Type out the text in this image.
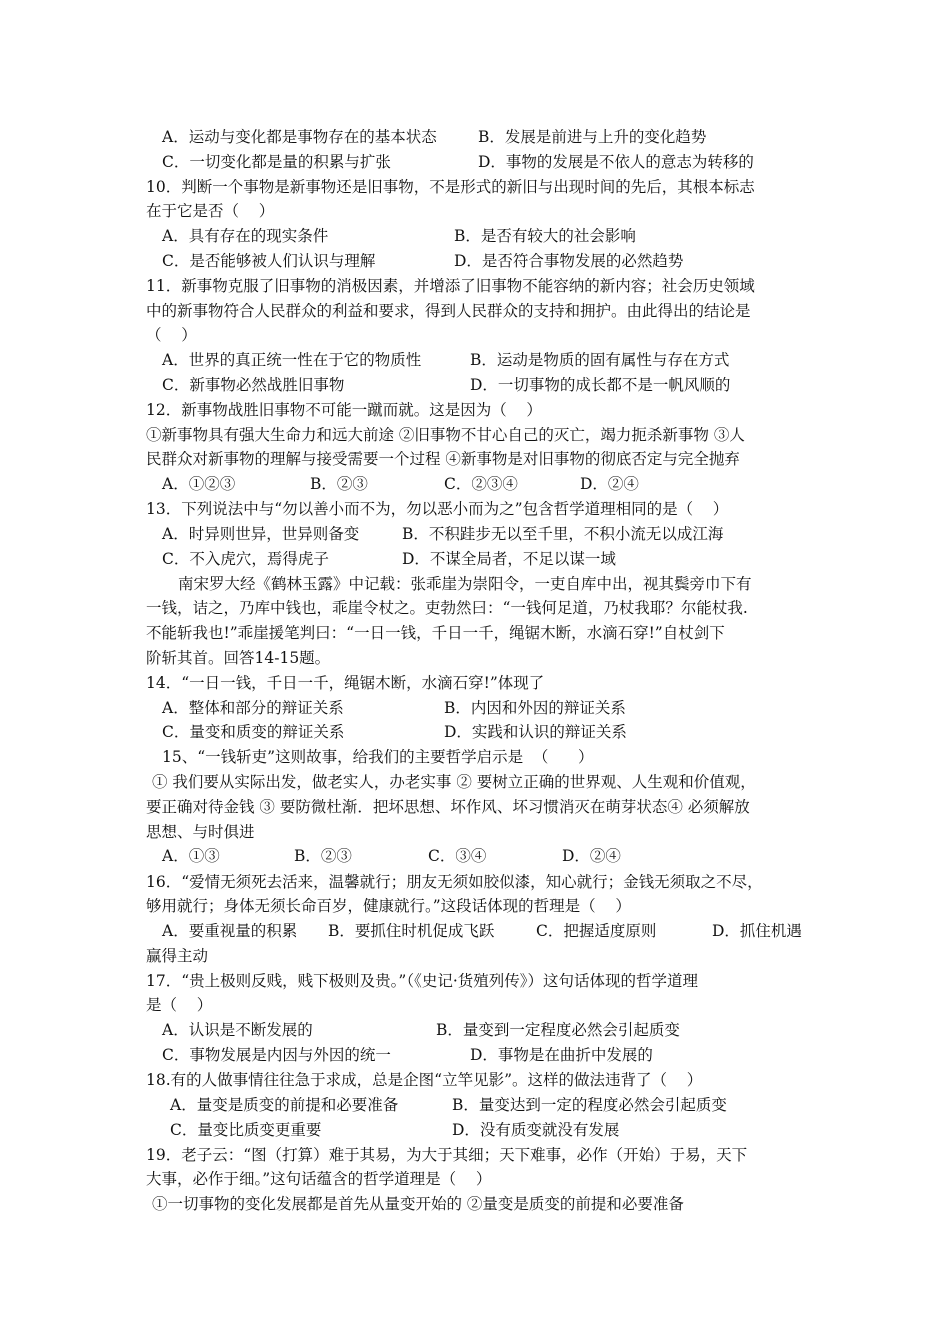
A．运动与变化都是事物存在的基本状态	B．发展是前进与上升的变化趋势
C．一切变化都是量的积累与扩张	D．事物的发展是不依人的意志为转移的
10．判断一个事物是新事物还是旧事物，不是形式的新旧与出现时间的先后，其根本标志
在于它是否（    ）
A．具有存在的现实条件	B．是否有较大的社会影响
C．是否能够被人们认识与理解	D．是否符合事物发展的必然趋势
11．新事物克服了旧事物的消极因素，并增添了旧事物不能容纳的新内容；社会历史领域
中的新事物符合人民群众的利益和要求，得到人民群众的支持和拥护。由此得出的结论是
（    ）
A．世界的真正统一性在于它的物质性	B．运动是物质的固有属性与存在方式
C．新事物必然战胜旧事物	D．一切事物的成长都不是一帆风顺的
12．新事物战胜旧事物不可能一蹴而就。这是因为（    ）
①新事物具有强大生命力和远大前途 ②旧事物不甘心自己的灭亡，竭力扼杀新事物 ③人
民群众对新事物的理解与接受需要一个过程 ④新事物是对旧事物的彻底否定与完全抛弃
A．①②③	B．②③	C．②③④	D．②④
13．下列说法中与“勿以善小而不为，勿以恶小而为之”包含哲学道理相同的是（    ）
A．时异则世异，世异则备变	B．不积跬步无以至千里，不积小流无以成江海
C．不入虎穴，焉得虎子	D．不谋全局者，不足以谋一域
南宋罗大经《鹤林玉露》中记载：张乖崖为崇阳令，一吏自库中出，视其鬓旁巾下有
一钱，诘之，乃库中钱也，乖崖令杖之。吏勃然曰：“一钱何足道，乃杖我耶？尔能杖我.
不能斩我也!”乖崖援笔判曰：“一日一钱，千日一千，绳锯木断，水滴石穿!”自杖剑下
阶斩其首。回答14-15题。
14．“一日一钱，千日一千，绳锯木断，水滴石穿!”体现了
A．整体和部分的辩证关系	B．内因和外因的辩证关系
C．量变和质变的辩证关系	D．实践和认识的辩证关系
15、“一钱斩吏”这则故事，给我们的主要哲学启示是  （      ）
① 我们要从实际出发，做老实人，办老实事 ② 要树立正确的世界观、人生观和价值观，
要正确对待金钱 ③ 要防微杜渐．把坏思想、坏作风、坏习惯消灭在萌芽状态④ 必须解放
思想、与时俱进
A．①③	B．②③	C．③④	D．②④
16．“爱情无须死去活来，温馨就行；朋友无须如胶似漆，知心就行；金钱无须取之不尽，
够用就行；身体无须长命百岁，健康就行。”这段话体现的哲理是（    ）
A．要重视量的积累 B．要抓住时机促成飞跃	C．把握适度原则	D．抓住机遇
赢得主动
17．“贵上极则反贱，贱下极则及贵。”（《史记·货殖列传》）这句话体现的哲学道理
是（    ）
A．认识是不断发展的	B．量变到一定程度必然会引起质变
C．事物发展是内因与外因的统一	D．事物是在曲折中发展的
18.有的人做事情往往急于求成，总是企图“立竿见影”。这样的做法违背了（    ）
A．量变是质变的前提和必要准备	B．量变达到一定的程度必然会引起质变
C．量变比质变更重要	D．没有质变就没有发展
19．老子云：“图（打算）难于其易，为大于其细；天下难事，必作（开始）于易，天下
大事，必作于细。”这句话蕴含的哲学道理是（    ）
①一切事物的变化发展都是首先从量变开始的 ②量变是质变的前提和必要准备
